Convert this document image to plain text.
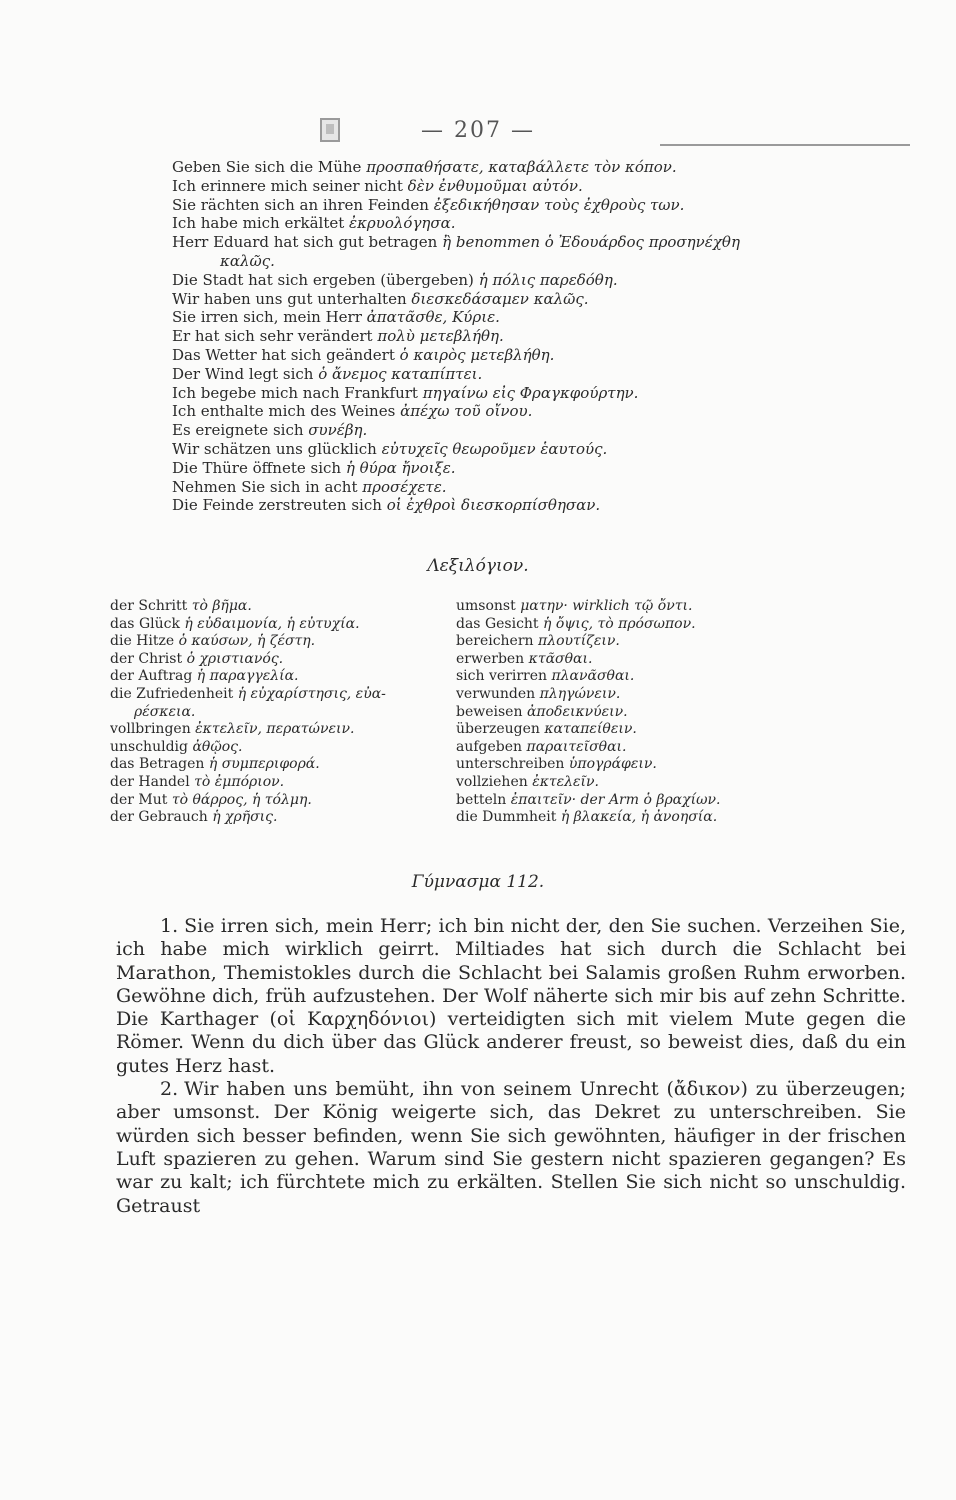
— 207 —
Geben Sie sich die Mühe προσπαθήσατε, καταβάλλετε τὸν κόπον.
Ich erinnere mich seiner nicht δὲν ἐνθυμοῦμαι αὐτόν.
Sie rächten sich an ihren Feinden ἐξεδικήθησαν τοὺς ἐχθροὺς των.
Ich habe mich erkältet ἐκρυολόγησα.
Herr Eduard hat sich gut betragen ἢ benommen ὁ Ἐδουάρδος προσηνέχθη
καλῶς.
Die Stadt hat sich ergeben (übergeben) ἡ πόλις παρεδόθη.
Wir haben uns gut unterhalten διεσκεδάσαμεν καλῶς.
Sie irren sich, mein Herr ἀπατᾶσθε, Κύριε.
Er hat sich sehr verändert πολὺ μετεβλήθη.
Das Wetter hat sich geändert ὁ καιρὸς μετεβλήθη.
Der Wind legt sich ὁ ἄνεμος καταπίπτει.
Ich begebe mich nach Frankfurt πηγαίνω εἰς Φραγκφούρτην.
Ich enthalte mich des Weines ἀπέχω τοῦ οἴνου.
Es ereignete sich συνέβη.
Wir schätzen uns glücklich εὐτυχεῖς θεωροῦμεν ἑαυτούς.
Die Thüre öffnete sich ἡ θύρα ἤνοιξε.
Nehmen Sie sich in acht προσέχετε.
Die Feinde zerstreuten sich οἱ ἐχθροὶ διεσκορπίσθησαν.
Λεξιλόγιον.
der Schritt τὸ βῆμα.
das Glück ἡ εὐδαιμονία, ἡ εὐτυχία.
die Hitze ὁ καύσων, ἡ ζέστη.
der Christ ὁ χριστιανός.
der Auftrag ἡ παραγγελία.
die Zufriedenheit ἡ εὐχαρίστησις, εὐα-
ρέσκεια.
vollbringen ἐκτελεῖν, περατώνειν.
unschuldig ἀθῷος.
das Betragen ἡ συμπεριφορά.
der Handel τὸ ἐμπόριον.
der Mut τὸ θάρρος, ἡ τόλμη.
der Gebrauch ἡ χρῆσις.
umsonst ματην· wirklich τῷ ὄντι.
das Gesicht ἡ ὄψις, τὸ πρόσωπον.
bereichern πλουτίζειν.
erwerben κτᾶσθαι.
sich verirren πλανᾶσθαι.
verwunden πληγώνειν.
beweisen ἀποδεικνύειν.
überzeugen καταπείθειν.
aufgeben παραιτεῖσθαι.
unterschreiben ὑπογράφειν.
vollziehen ἐκτελεῖν.
betteln ἐπαιτεῖν· der Arm ὁ βραχίων.
die Dummheit ἡ βλακεία, ἡ ἀνοησία.
Γύμνασμα 112.

1. Sie irren sich, mein Herr; ich bin nicht der, den Sie suchen. Verzeihen Sie, ich habe mich wirklich geirrt. Miltiades hat sich durch die Schlacht bei Marathon, Themistokles durch die Schlacht bei Salamis großen Ruhm erworben. Gewöhne dich, früh aufzustehen. Der Wolf näherte sich mir bis auf zehn Schritte. Die Karthager (οἱ Καρχηδόνιοι) verteidigten sich mit vielem Mute gegen die Römer. Wenn du dich über das Glück anderer freust, so beweist dies, daß du ein gutes Herz hast.

2. Wir haben uns bemüht, ihn von seinem Unrecht (ἄδικον) zu überzeugen; aber umsonst. Der König weigerte sich, das Dekret zu unterschreiben. Sie würden sich besser befinden, wenn Sie sich gewöhnten, häufiger in der frischen Luft spazieren zu gehen. Warum sind Sie gestern nicht spazieren gegangen? Es war zu kalt; ich fürchtete mich zu erkälten. Stellen Sie sich nicht so unschuldig. Getraust
